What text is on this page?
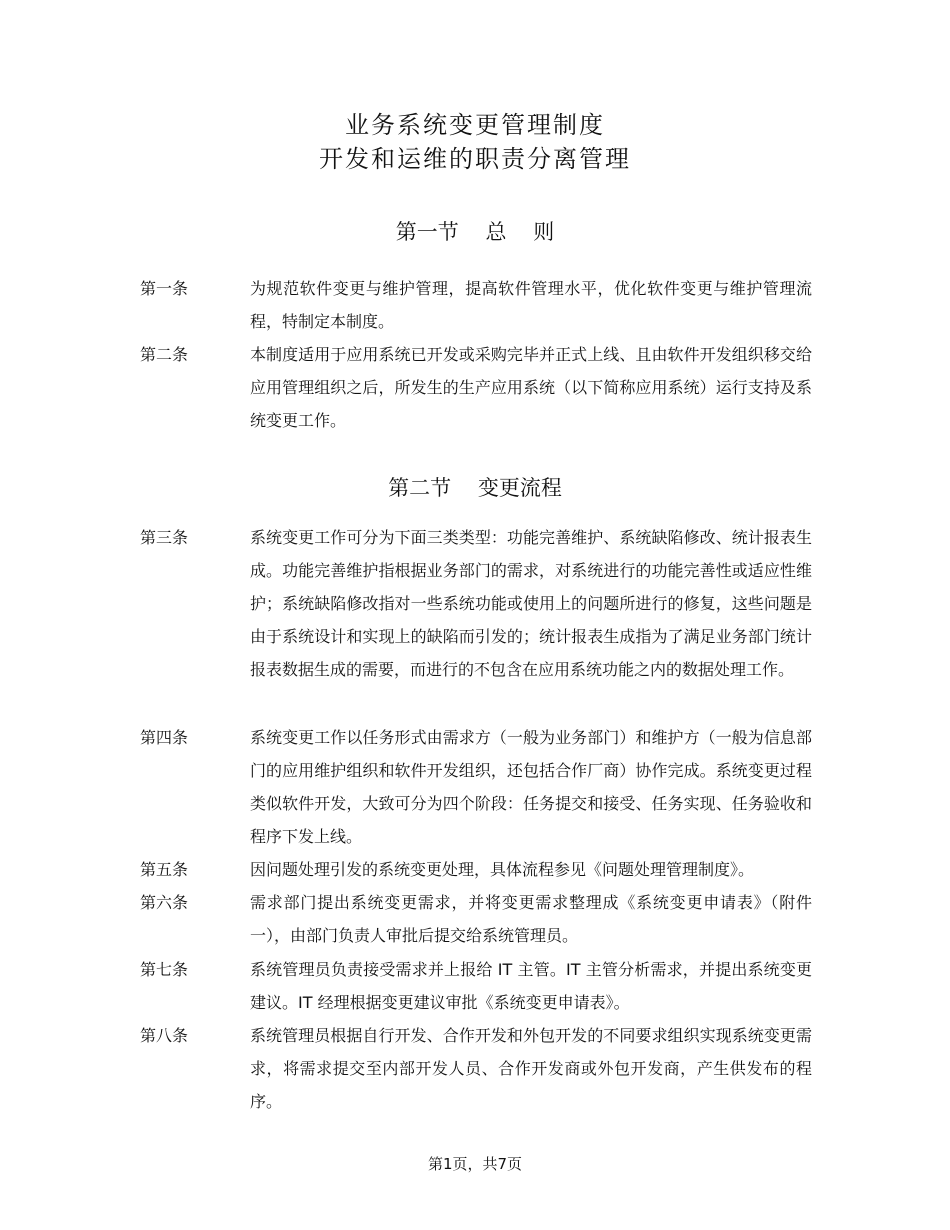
业务系统变更管理制度
开发和运维的职责分离管理
第一节    总    则
第一条	为规范软件变更与维护管理，提高软件管理水平，优化软件变更与维护管理流程，特制定本制度。
第二条	本制度适用于应用系统已开发或采购完毕并正式上线、且由软件开发组织移交给应用管理组织之后，所发生的生产应用系统（以下简称应用系统）运行支持及系统变更工作。
第二节    变更流程
第三条	系统变更工作可分为下面三类类型：功能完善维护、系统缺陷修改、统计报表生成。功能完善维护指根据业务部门的需求，对系统进行的功能完善性或适应性维护；系统缺陷修改指对一些系统功能或使用上的问题所进行的修复，这些问题是由于系统设计和实现上的缺陷而引发的；统计报表生成指为了满足业务部门统计报表数据生成的需要，而进行的不包含在应用系统功能之内的数据处理工作。
第四条	系统变更工作以任务形式由需求方（一般为业务部门）和维护方（一般为信息部门的应用维护组织和软件开发组织，还包括合作厂商）协作完成。系统变更过程类似软件开发，大致可分为四个阶段：任务提交和接受、任务实现、任务验收和程序下发上线。
第五条	因问题处理引发的系统变更处理，具体流程参见《问题处理管理制度》。
第六条	需求部门提出系统变更需求，并将变更需求整理成《系统变更申请表》（附件一），由部门负责人审批后提交给系统管理员。
第七条	系统管理员负责接受需求并上报给 IT 主管。IT 主管分析需求，并提出系统变更建议。IT 经理根据变更建议审批《系统变更申请表》。
第八条	系统管理员根据自行开发、合作开发和外包开发的不同要求组织实现系统变更需求，将需求提交至内部开发人员、合作开发商或外包开发商，产生供发布的程序。
第1页，共7页
